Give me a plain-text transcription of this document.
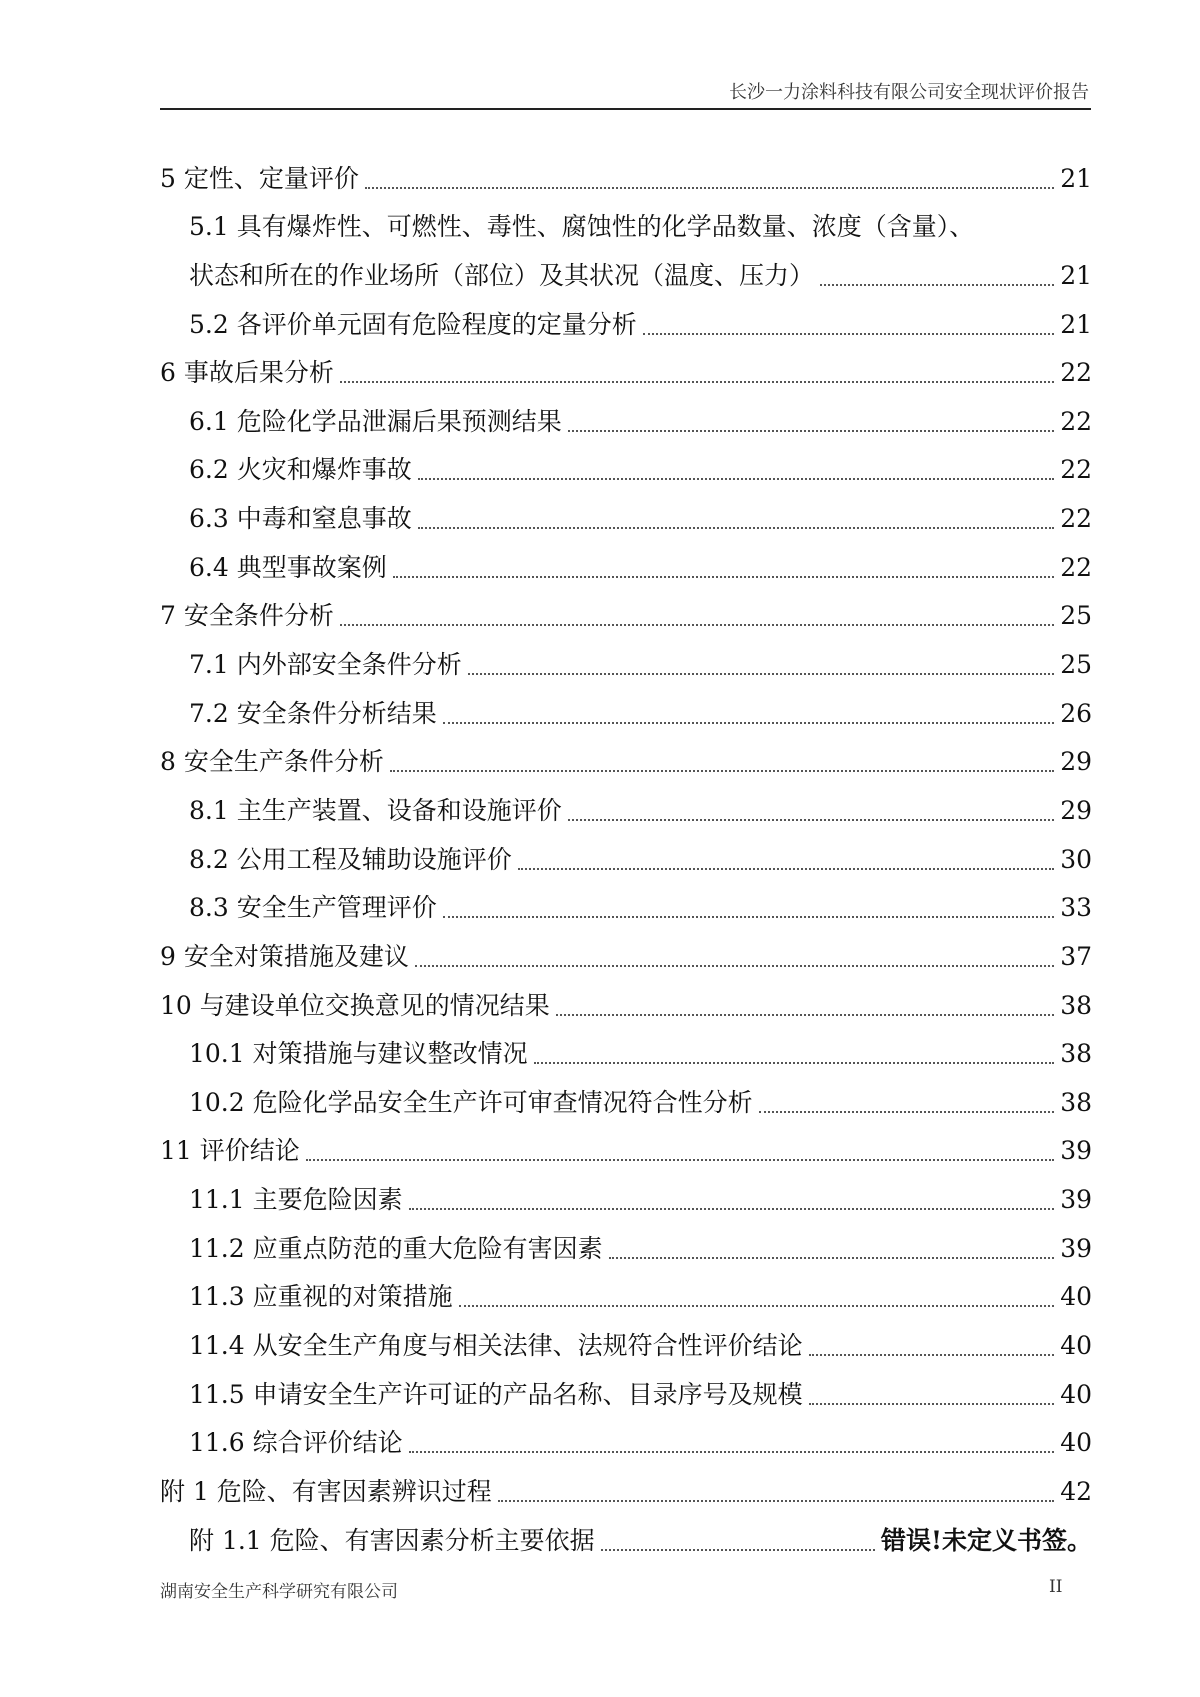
长沙一力涂料科技有限公司安全现状评价报告
5 定性、定量评价	21
5.1 具有爆炸性、可燃性、毒性、腐蚀性的化学品数量、浓度（含量）、
状态和所在的作业场所（部位）及其状况（温度、压力）	21
5.2 各评价单元固有危险程度的定量分析	21
6 事故后果分析	22
6.1 危险化学品泄漏后果预测结果	22
6.2 火灾和爆炸事故	22
6.3 中毒和窒息事故	22
6.4 典型事故案例	22
7 安全条件分析	25
7.1 内外部安全条件分析	25
7.2 安全条件分析结果	26
8 安全生产条件分析	29
8.1 主生产装置、设备和设施评价	29
8.2 公用工程及辅助设施评价	30
8.3 安全生产管理评价	33
9 安全对策措施及建议	37
10 与建设单位交换意见的情况结果	38
10.1 对策措施与建议整改情况	38
10.2 危险化学品安全生产许可审查情况符合性分析	38
11 评价结论	39
11.1 主要危险因素	39
11.2 应重点防范的重大危险有害因素	39
11.3 应重视的对策措施	40
11.4 从安全生产角度与相关法律、法规符合性评价结论	40
11.5 申请安全生产许可证的产品名称、目录序号及规模	40
11.6 综合评价结论	40
附 1 危险、有害因素辨识过程	42
附 1.1 危险、有害因素分析主要依据	错误!未定义书签。
湖南安全生产科学研究有限公司	II
